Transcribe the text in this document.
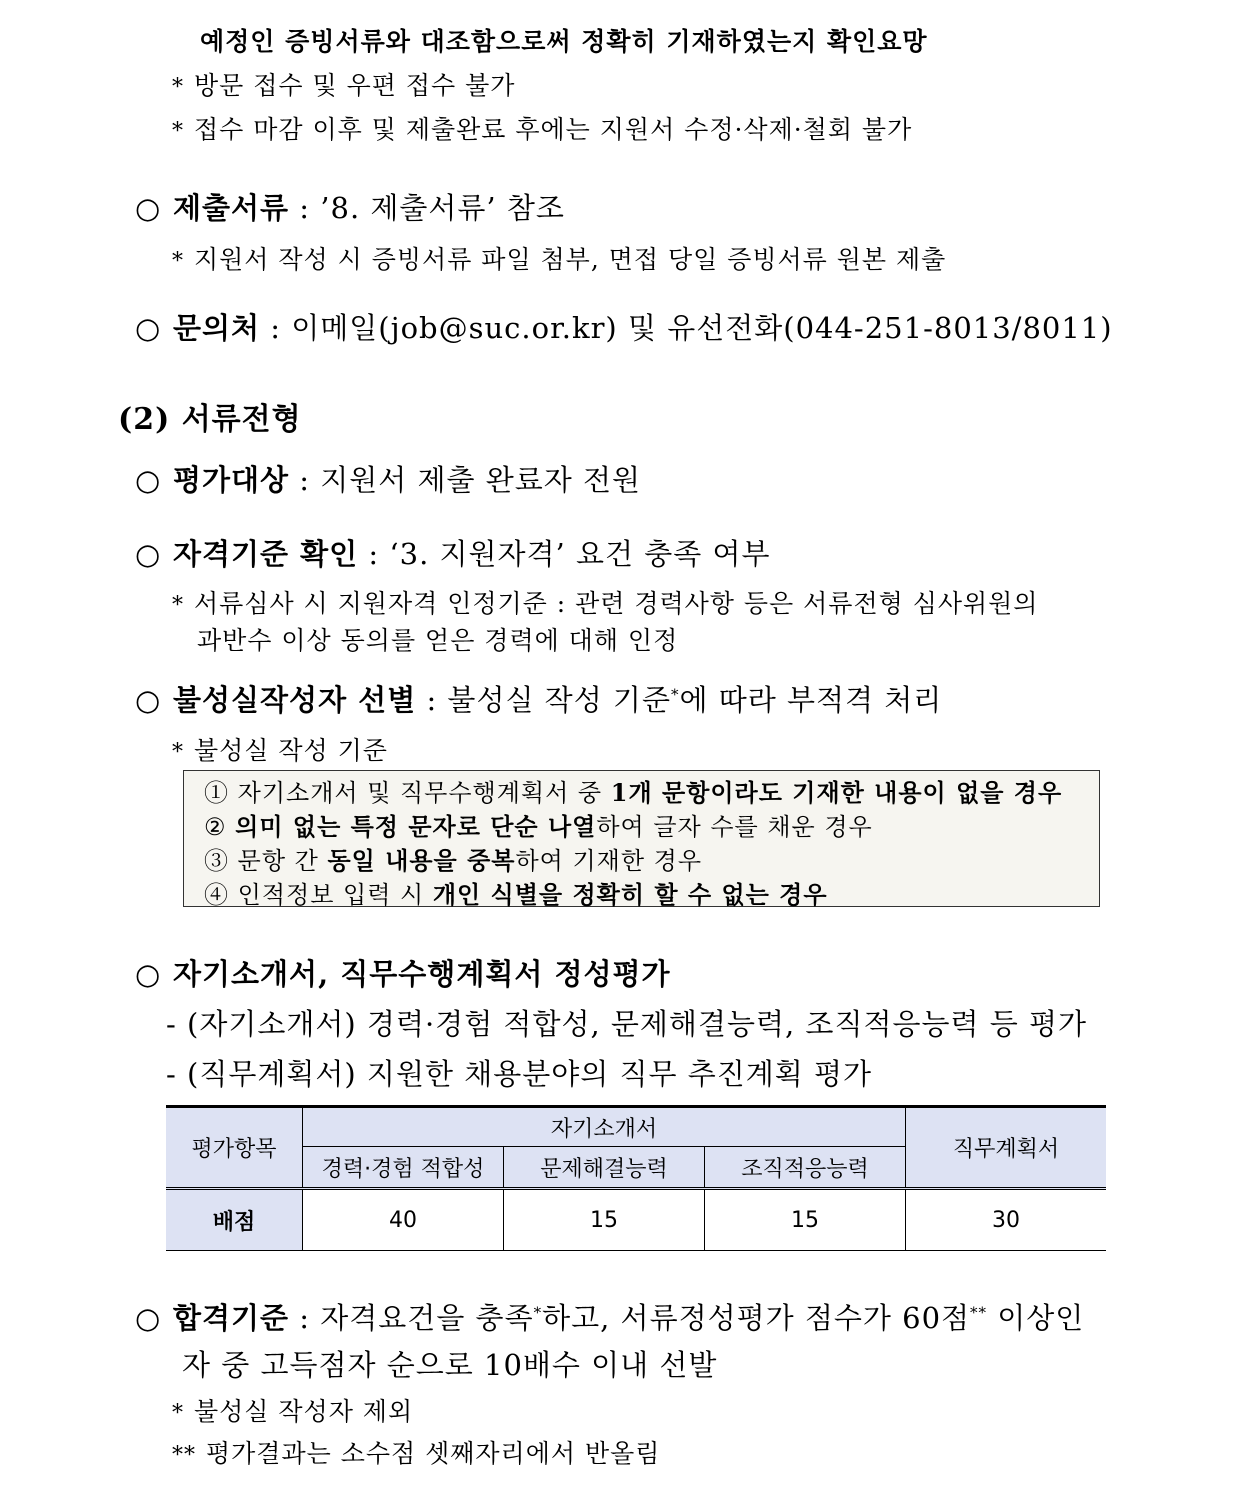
예정인 증빙서류와 대조함으로써 정확히 기재하였는지 확인요망
* 방문 접수 및 우편 접수 불가
* 접수 마감 이후 및 제출완료 후에는 지원서 수정·삭제·철회 불가
○ 제출서류 : ’8. 제출서류’ 참조
* 지원서 작성 시 증빙서류 파일 첨부, 면접 당일 증빙서류 원본 제출
○ 문의처 : 이메일(job@suc.or.kr) 및 유선전화(044-251-8013/8011)
(2) 서류전형
○ 평가대상 : 지원서 제출 완료자 전원
○ 자격기준 확인 : ‘3. 지원자격’ 요건 충족 여부
* 서류심사 시 지원자격 인정기준 : 관련 경력사항 등은 서류전형 심사위원의
과반수 이상 동의를 얻은 경력에 대해 인정
○ 불성실작성자 선별 : 불성실 작성 기준*에 따라 부적격 처리
* 불성실 작성 기준
① 자기소개서 및 직무수행계획서 중 1개 문항이라도 기재한 내용이 없을 경우
② 의미 없는 특정 문자로 단순 나열하여 글자 수를 채운 경우
③ 문항 간 동일 내용을 중복하여 기재한 경우
④ 인적정보 입력 시 개인 식별을 정확히 할 수 없는 경우
○ 자기소개서, 직무수행계획서 정성평가
- (자기소개서) 경력·경험 적합성, 문제해결능력, 조직적응능력 등 평가
- (직무계획서) 지원한 채용분야의 직무 추진계획 평가
평가항목	자기소개서			직무계획서
	경력·경험 적합성	문제해결능력	조직적응능력	
배점	40	15	15	30
○ 합격기준 : 자격요건을 충족*하고, 서류정성평가 점수가 60점** 이상인
자 중 고득점자 순으로 10배수 이내 선발
* 불성실 작성자 제외
** 평가결과는 소수점 셋째자리에서 반올림
